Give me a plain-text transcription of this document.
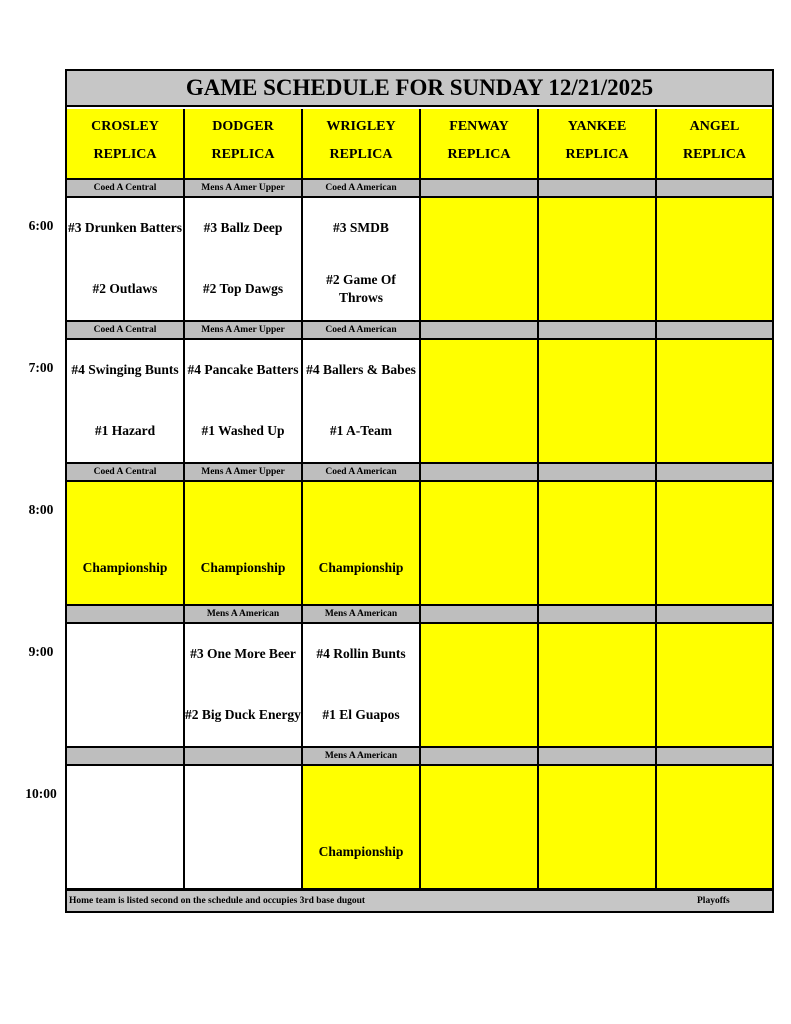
GAME SCHEDULE FOR SUNDAY 12/21/2025
CROSLEY
REPLICA
DODGER
REPLICA
WRIGLEY
REPLICA
FENWAY
REPLICA
YANKEE
REPLICA
ANGEL
REPLICA
Coed A Central
#3 Drunken Batters
#2 Outlaws
Mens A Amer Upper
#3 Ballz Deep
#2 Top Dawgs
Coed A American
#3 SMDB
#2 Game Of Throws
Coed A Central
#4 Swinging Bunts
#1 Hazard
Mens A Amer Upper
#4 Pancake Batters
#1 Washed Up
Coed A American
#4 Ballers & Babes
#1 A-Team
Coed A Central
Championship
Mens A Amer Upper
Championship
Coed A American
Championship
Mens A American
#3 One More Beer
#2 Big Duck Energy
Mens A American
#4 Rollin Bunts
#1 El Guapos
Mens A American
Championship
Home team is listed second on the schedule and occupies 3rd base dugout	Playoffs
6:00
7:00
8:00
9:00
10:00
